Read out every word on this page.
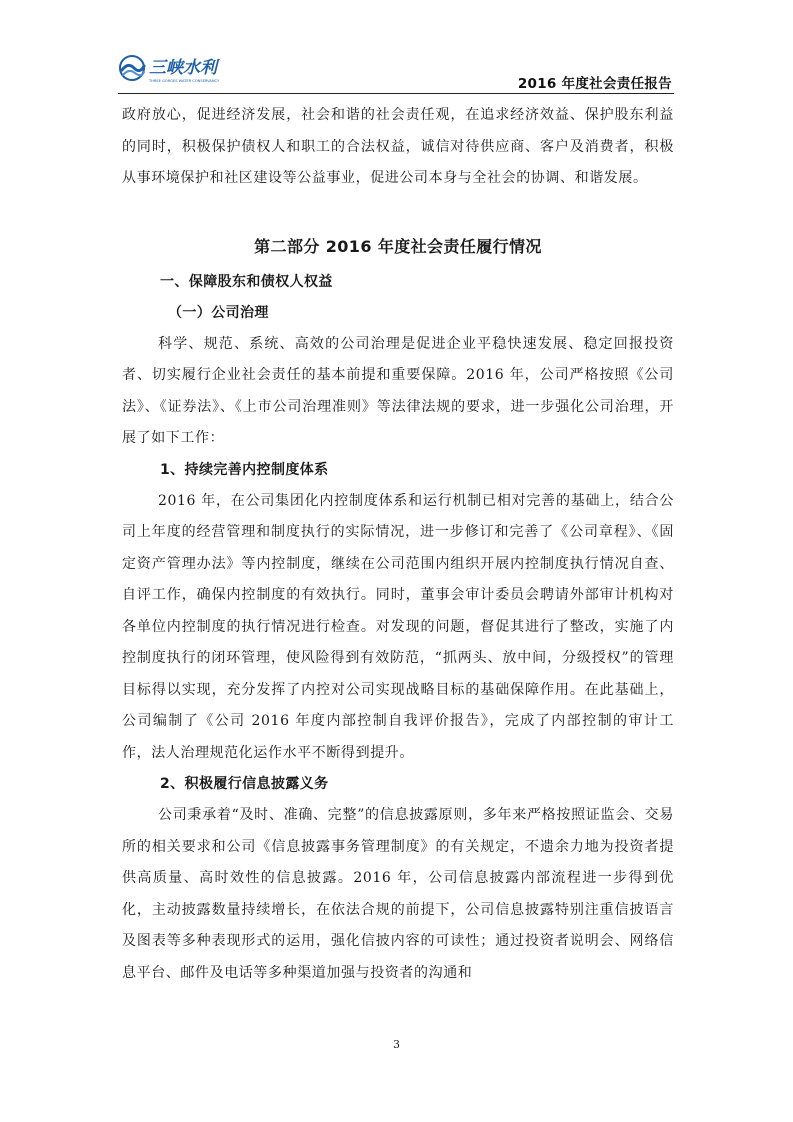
三峡水利
THREE GORGES WATER CONSERVANCY	2016 年度社会责任报告

政府放心，促进经济发展，社会和谐的社会责任观，在追求经济效益、保护股东利益的同时，积极保护债权人和职工的合法权益，诚信对待供应商、客户及消费者，积极从事环境保护和社区建设等公益事业，促进公司本身与全社会的协调、和谐发展。

第二部分 2016 年度社会责任履行情况
一、保障股东和债权人权益
（一）公司治理

科学、规范、系统、高效的公司治理是促进企业平稳快速发展、稳定回报投资者、切实履行企业社会责任的基本前提和重要保障。2016 年，公司严格按照《公司法》、《证券法》、《上市公司治理准则》等法律法规的要求，进一步强化公司治理，开展了如下工作：

1、持续完善内控制度体系

2016 年，在公司集团化内控制度体系和运行机制已相对完善的基础上，结合公司上年度的经营管理和制度执行的实际情况，进一步修订和完善了《公司章程》、《固定资产管理办法》等内控制度，继续在公司范围内组织开展内控制度执行情况自查、自评工作，确保内控制度的有效执行。同时，董事会审计委员会聘请外部审计机构对各单位内控制度的执行情况进行检查。对发现的问题，督促其进行了整改，实施了内控制度执行的闭环管理，使风险得到有效防范，“抓两头、放中间，分级授权”的管理目标得以实现，充分发挥了内控对公司实现战略目标的基础保障作用。在此基础上，公司编制了《公司 2016 年度内部控制自我评价报告》，完成了内部控制的审计工作，法人治理规范化运作水平不断得到提升。

2、积极履行信息披露义务

公司秉承着“及时、准确、完整”的信息披露原则，多年来严格按照证监会、交易所的相关要求和公司《信息披露事务管理制度》的有关规定，不遗余力地为投资者提供高质量、高时效性的信息披露。2016 年，公司信息披露内部流程进一步得到优化，主动披露数量持续增长，在依法合规的前提下，公司信息披露特别注重信披语言及图表等多种表现形式的运用，强化信披内容的可读性；通过投资者说明会、网络信息平台、邮件及电话等多种渠道加强与投资者的沟通和

3
